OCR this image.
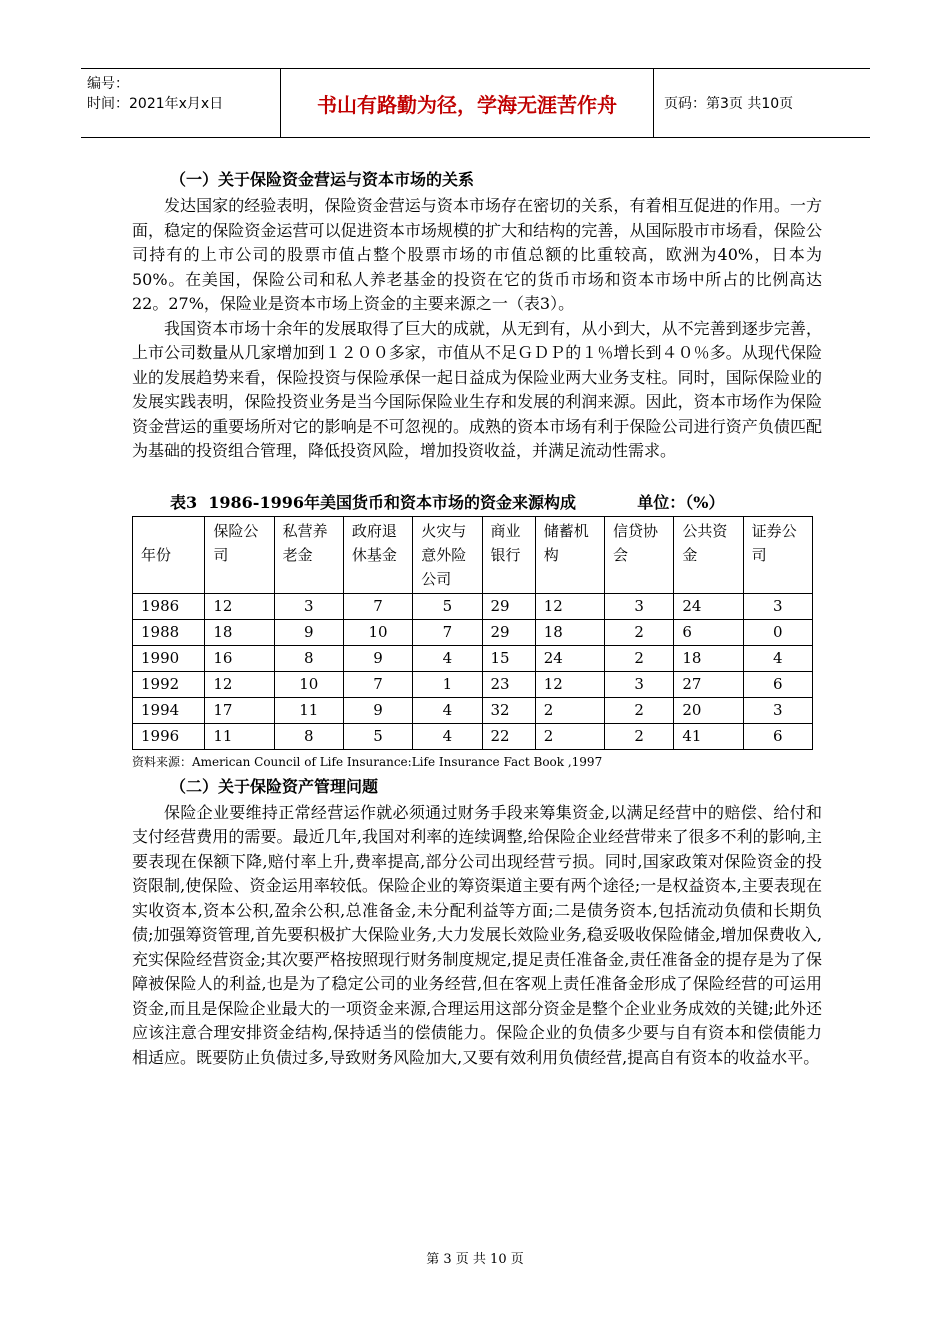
编号：
时间：2021年x月x日	书山有路勤为径，学海无涯苦作舟	页码：第3页 共10页
（一）关于保险资金营运与资本市场的关系

发达国家的经验表明，保险资金营运与资本市场存在密切的关系，有着相互促进的作用。一方面，稳定的保险资金运营可以促进资本市场规模的扩大和结构的完善，从国际股市市场看，保险公司持有的上市公司的股票市值占整个股票市场的市值总额的比重较高，欧洲为40%，日本为50%。在美国，保险公司和私人养老基金的投资在它的货币市场和资本市场中所占的比例高达22。27%，保险业是资本市场上资金的主要来源之一（表3）。

我国资本市场十余年的发展取得了巨大的成就，从无到有，从小到大，从不完善到逐步完善，上市公司数量从几家增加到１２００多家，市值从不足ＧＤＰ的１％增长到４０％多。从现代保险业的发展趋势来看，保险投资与保险承保一起日益成为保险业两大业务支柱。同时，国际保险业的发展实践表明，保险投资业务是当今国际保险业生存和发展的利润来源。因此，资本市场作为保险资金营运的重要场所对它的影响是不可忽视的。成熟的资本市场有利于保险公司进行资产负债匹配为基础的投资组合管理，降低投资风险，增加投资收益，并满足流动性需求。

表3  1986-1996年美国货币和资本市场的资金来源构成           单位：（%）
年份	保险公司	私营养老金	政府退休基金	火灾与意外险公司	商业银行	储蓄机构	信贷协会	公共资金	证券公司
1986	12	3	7	5	29	12	3	24	3
1988	18	9	10	7	29	18	2	6	0
1990	16	8	9	4	15	24	2	18	4
1992	12	10	7	1	23	12	3	27	6
1994	17	11	9	4	32	2	2	20	3
1996	11	8	5	4	22	2	2	41	6
资料来源：American Council of Life Insurance:Life Insurance Fact Book ,1997
（二）关于保险资产管理问题

保险企业要维持正常经营运作就必须通过财务手段来筹集资金,以满足经营中的赔偿、给付和支付经营费用的需要。最近几年,我国对利率的连续调整,给保险企业经营带来了很多不利的影响,主要表现在保额下降,赔付率上升,费率提高,部分公司出现经营亏损。同时,国家政策对保险资金的投资限制,使保险、资金运用率较低。保险企业的筹资渠道主要有两个途径;一是权益资本,主要表现在实收资本,资本公积,盈余公积,总准备金,未分配利益等方面;二是债务资本,包括流动负债和长期负债;加强筹资管理,首先要积极扩大保险业务,大力发展长效险业务,稳妥吸收保险储金,增加保费收入,充实保险经营资金;其次要严格按照现行财务制度规定,提足责任准备金,责任准备金的提存是为了保障被保险人的利益,也是为了稳定公司的业务经营,但在客观上责任准备金形成了保险经营的可运用资金,而且是保险企业最大的一项资金来源,合理运用这部分资金是整个企业业务成效的关键;此外还应该注意合理安排资金结构,保持适当的偿债能力。保险企业的负债多少要与自有资本和偿债能力相适应。既要防止负债过多,导致财务风险加大,又要有效利用负债经营,提高自有资本的收益水平。

第 3 页 共 10 页
